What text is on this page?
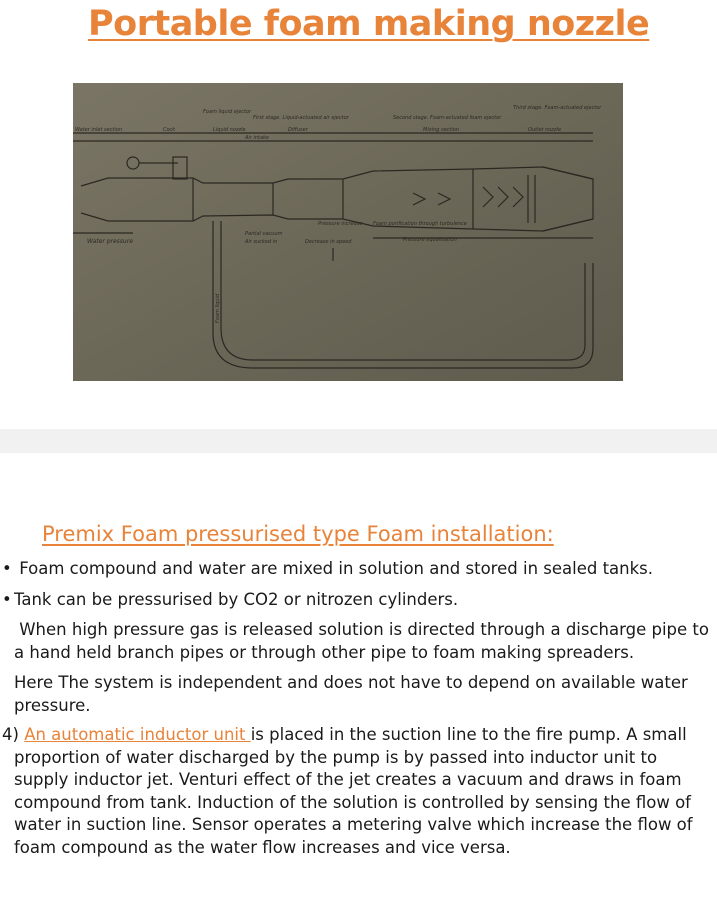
Portable foam making nozzle
Foam liquid ejector
First stage. Liquid-actuated air ejector	Second stage. Foam-actuated foam ejector
Third stage. Foam-actuated ejector
Water inlet section	Cock	Liquid nozzle
Air intake
Diffuser	Mixing section	Outlet nozzle
Water pressure
Partial vacuum
Air sucked in
Pressure increase
Decrease in speed
Foam purification through turbulence
Pressure equalisation
Foam liquid
Premix Foam pressurised type Foam installation:
• Foam compound and water are mixed in solution and stored in sealed tanks.
• Tank can be pressurised by CO2 or nitrozen cylinders.
When high pressure gas is released solution is directed through a discharge pipe to a hand held branch pipes or through other pipe to foam making spreaders.
Here The system is independent and does not have to depend on available water pressure.
4) An automatic inductor unit is placed in the suction line to the fire pump. A small proportion of water discharged by the pump is by passed into inductor unit to supply inductor jet. Venturi effect of the jet creates a vacuum and draws in foam compound from tank. Induction of the solution is controlled by sensing the flow of water in suction line. Sensor operates a metering valve which increase the flow of foam compound as the water flow increases and vice versa.
